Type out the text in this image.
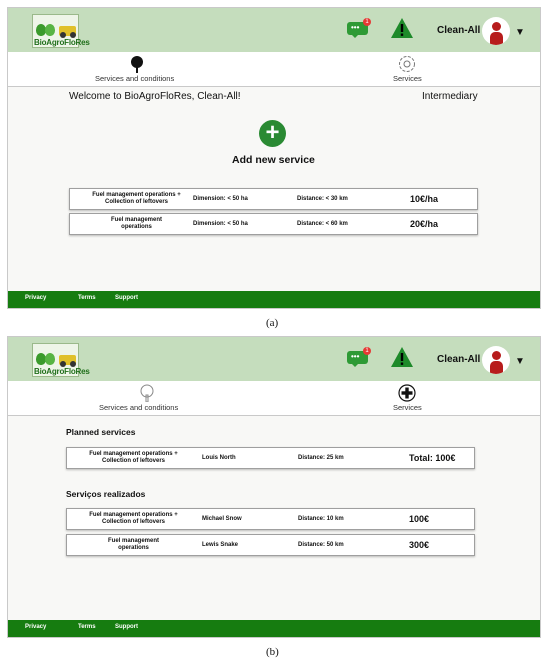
BioAgroFloRes
•••
1
Clean-All	▼
Services and conditions	Services
Welcome to BioAgroFloRes, Clean-All!	Intermediary
+
Add new service
Fuel management operations +
Collection of leftovers	Dimension: < 50 ha	Distance: < 30 km	10€/ha
Fuel management
operations	Dimension: < 50 ha	Distance: < 60 km	20€/ha
Privacy	Terms	Support
(a)
BioAgroFloRes
•••
1
Clean-All	▼
Services and conditions	Services
Planned services
Fuel management operations +
Collection of leftovers	Louis North	Distance: 25 km	Total: 100€
Serviços realizados
Fuel management operations +
Collection of leftovers	Michael Snow	Distance: 10 km	100€
Fuel management
operations	Lewis Snake	Distance: 50 km	300€
Privacy	Terms	Support
(b)
